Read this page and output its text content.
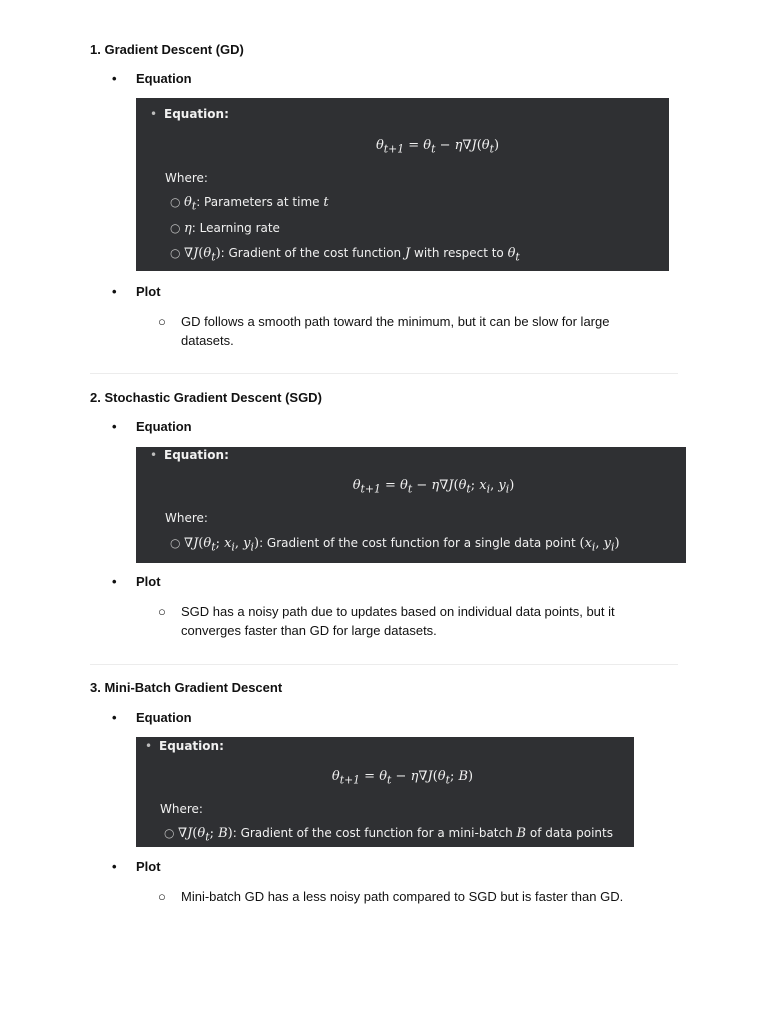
1. Gradient Descent (GD)
• Equation
• Equation:
$\theta_{t+1} = \theta_t - \eta\nabla J(\theta_t)$
Where:
○ $\theta_t$: Parameters at time t
○ η: Learning rate
○ $\nabla J(\theta_t)$: Gradient of the cost function J with respect to $\theta_t$
• Plot
○ GD follows a smooth path toward the minimum, but it can be slow for large datasets.
2. Stochastic Gradient Descent (SGD)
• Equation
• Equation:
$\theta_{t+1} = \theta_t - \eta\nabla J(\theta_t$; $x_i$, $y_i$)
Where:
○ $\nabla J(\theta_t$; $x_i$, $y_i$): Gradient of the cost function for a single data point ($x_i$, $y_i$)
• Plot
○ SGD has a noisy path due to updates based on individual data points, but it converges faster than GD for large datasets.
3. Mini-Batch Gradient Descent
• Equation
• Equation:
$\theta_{t+1} = \theta_t - \eta\nabla J(\theta_t$; B)
Where:
○ $\nabla J(\theta_t$; B): Gradient of the cost function for a mini-batch B of data points
• Plot
○ Mini-batch GD has a less noisy path compared to SGD but is faster than GD.
